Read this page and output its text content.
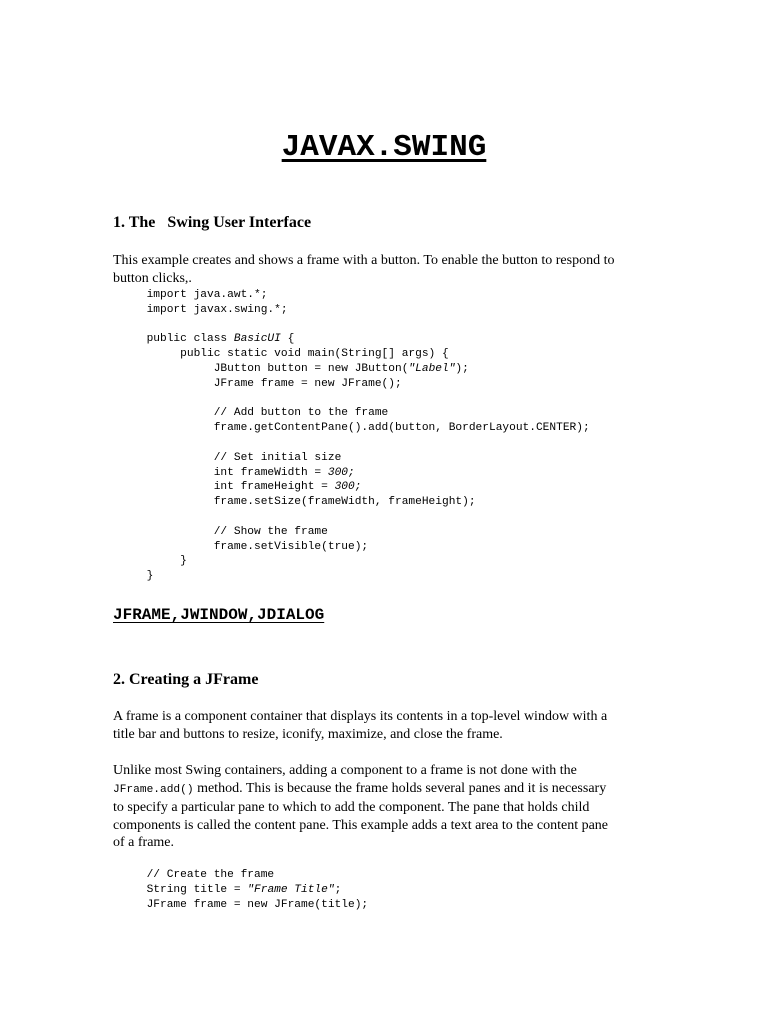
JAVAX.SWING
1. The Swing User Interface
This example creates and shows a frame with a button. To enable the button to respond to
button clicks,.
import java.awt.*;
import javax.swing.*;

public class BasicUI {
public static void main(String[] args) {
JButton button = new JButton("Label");
JFrame frame = new JFrame();

// Add button to the frame
frame.getContentPane().add(button, BorderLayout.CENTER);

// Set initial size
int frameWidth = 300;
int frameHeight = 300;
frame.setSize(frameWidth, frameHeight);

// Show the frame
frame.setVisible(true);
}
}
JFRAME,JWINDOW,JDIALOG
2. Creating a JFrame
A frame is a component container that displays its contents in a top-level window with a
title bar and buttons to resize, iconify, maximize, and close the frame.
Unlike most Swing containers, adding a component to a frame is not done with the
JFrame.add() method. This is because the frame holds several panes and it is necessary
to specify a particular pane to which to add the component. The pane that holds child
components is called the content pane. This example adds a text area to the content pane
of a frame.
// Create the frame
String title = "Frame Title";
JFrame frame = new JFrame(title);
